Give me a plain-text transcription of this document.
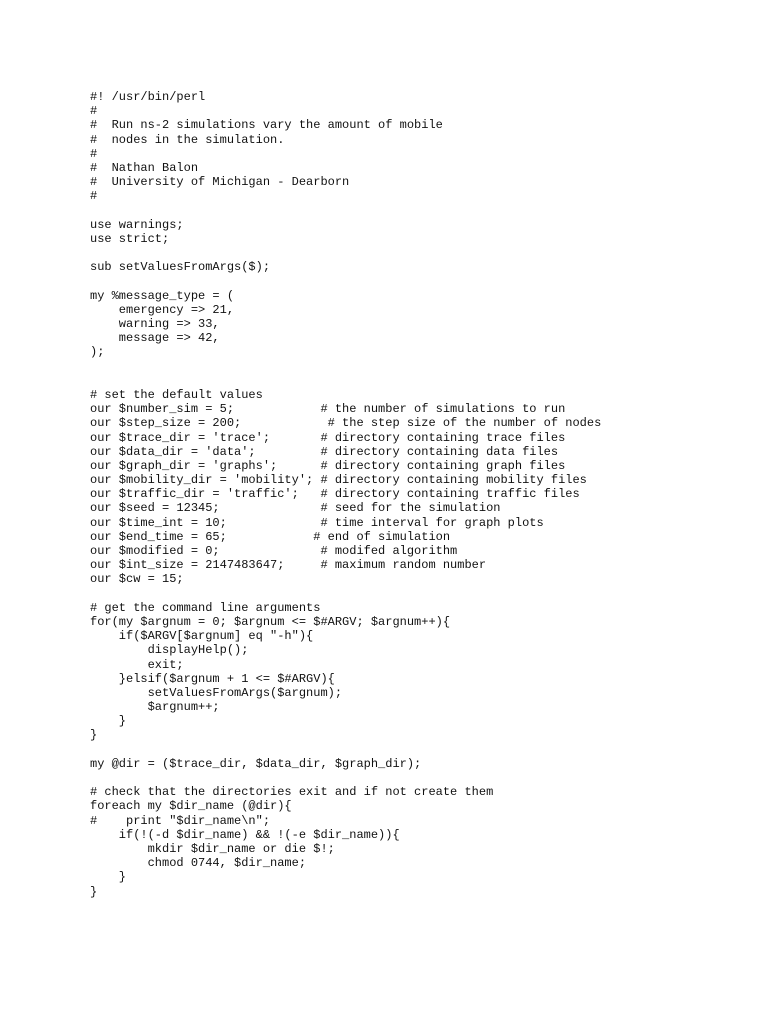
#! /usr/bin/perl
#
#  Run ns-2 simulations vary the amount of mobile
#  nodes in the simulation.
#
#  Nathan Balon
#  University of Michigan - Dearborn
#
use warnings;
use strict;
sub setValuesFromArgs($);
my %message_type = (
emergency => 21,
warning => 33,
message => 42,
);
# set the default values
our $number_sim = 5;            # the number of simulations to run
our $step_size = 200;            # the step size of the number of nodes
our $trace_dir = 'trace';       # directory containing trace files
our $data_dir = 'data';         # directory containing data files
our $graph_dir = 'graphs';      # directory containing graph files
our $mobility_dir = 'mobility'; # directory containing mobility files
our $traffic_dir = 'traffic';   # directory containing traffic files
our $seed = 12345;              # seed for the simulation
our $time_int = 10;             # time interval for graph plots
our $end_time = 65;            # end of simulation
our $modified = 0;              # modifed algorithm
our $int_size = 2147483647;     # maximum random number
our $cw = 15;
# get the command line arguments
for(my $argnum = 0; $argnum <= $#ARGV; $argnum++){
if($ARGV[$argnum] eq "-h"){
displayHelp();
exit;
}elsif($argnum + 1 <= $#ARGV){
setValuesFromArgs($argnum);
$argnum++;
}
}
my @dir = ($trace_dir, $data_dir, $graph_dir);
# check that the directories exit and if not create them
foreach my $dir_name (@dir){
#    print "$dir_name\n";
if(!(-d $dir_name) && !(-e $dir_name)){
mkdir $dir_name or die $!;
chmod 0744, $dir_name;
}
}
